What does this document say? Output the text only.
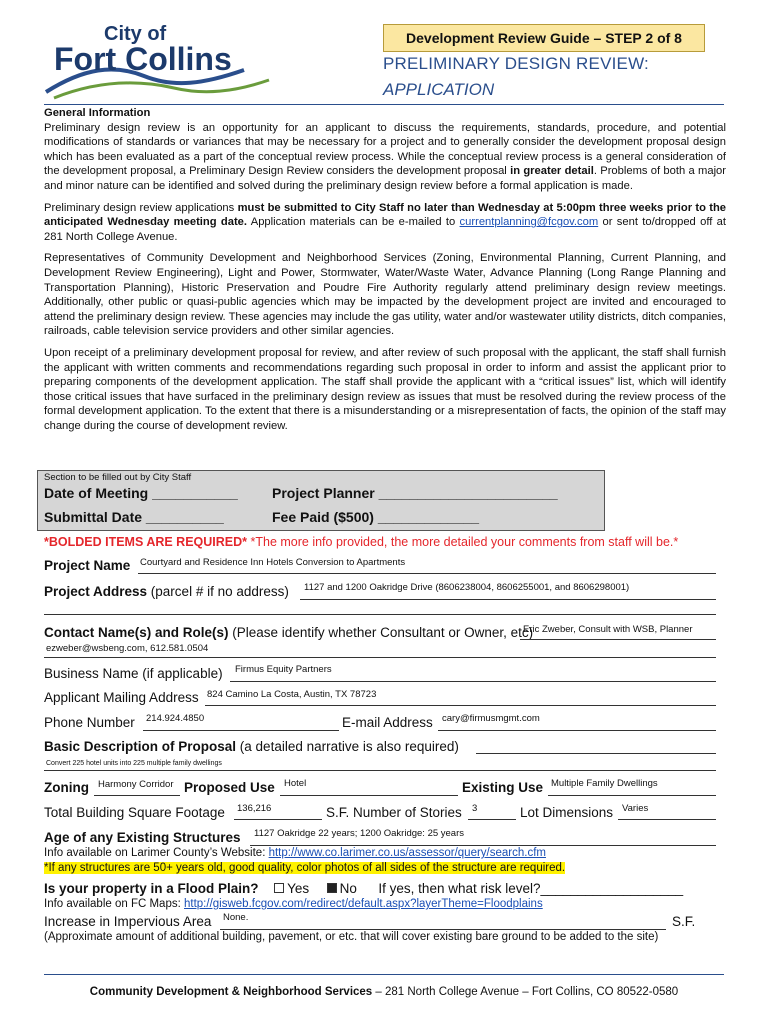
City of
Fort Collins
Development Review Guide – STEP 2 of 8
PRELIMINARY DESIGN REVIEW:
APPLICATION
General Information
Preliminary design review is an opportunity for an applicant to discuss the requirements, standards, procedure, and potential modifications of standards or variances that may be necessary for a project and to generally consider the development proposal design which has been evaluated as a part of the conceptual review process. While the conceptual review process is a general consideration of the development proposal, a Preliminary Design Review considers the development proposal in greater detail. Problems of both a major and minor nature can be identified and solved during the preliminary design review before a formal application is made.
Preliminary design review applications must be submitted to City Staff no later than Wednesday at 5:00pm three weeks prior to the anticipated Wednesday meeting date. Application materials can be e-mailed to currentplanning@fcgov.com or sent to/dropped off at 281 North College Avenue.
Representatives of Community Development and Neighborhood Services (Zoning, Environmental Planning, Current Planning, and Development Review Engineering), Light and Power, Stormwater, Water/Waste Water, Advance Planning (Long Range Planning and Transportation Planning), Historic Preservation and Poudre Fire Authority regularly attend preliminary design review meetings. Additionally, other public or quasi-public agencies which may be impacted by the development project are invited and encouraged to attend the preliminary design review. These agencies may include the gas utility, water and/or wastewater utility districts, ditch companies, railroads, cable television service providers and other similar agencies.
Upon receipt of a preliminary development proposal for review, and after review of such proposal with the applicant, the staff shall furnish the applicant with written comments and recommendations regarding such proposal in order to inform and assist the applicant prior to preparing components of the development application. The staff shall provide the applicant with a “critical issues” list, which will identify those critical issues that have surfaced in the preliminary design review as issues that must be resolved during the review process of the formal development application. To the extent that there is a misunderstanding or a misrepresentation of facts, the opinion of the staff may change during the course of development review.
Section to be filled out by City Staff
Date of Meeting ___________ Project Planner _______________________
Submittal Date __________	Fee Paid ($500) _____________
*BOLDED ITEMS ARE REQUIRED* *The more info provided, the more detailed your comments from staff will be.*
Project Name Courtyard and Residence Inn Hotels Conversion to Apartments
Project Address (parcel # if no address) 1127 and 1200 Oakridge Drive (8606238004, 8606255001, and 8606298001)
Contact Name(s) and Role(s) (Please identify whether Consultant or Owner, etc)
Eric Zweber, Consult with WSB, Planner
ezweber@wsbeng.com, 612.581.0504
Business Name (if applicable) Firmus Equity Partners
Applicant Mailing Address 824 Camino La Costa, Austin, TX 78723
Phone Number 214.924.4850	E-mail Address cary@firmusmgmt.com
Basic Description of Proposal (a detailed narrative is also required)
Convert 225 hotel units into 225 multiple family dwellings
Zoning Harmony Corridor Proposed Use Hotel	Existing Use Multiple Family Dwellings
Total Building Square Footage 136,216	S.F. Number of Stories 3	Lot Dimensions Varies
Age of any Existing Structures 1127 Oakridge 22 years; 1200 Oakridge: 25 years
Info available on Larimer County’s Website: http://www.co.larimer.co.us/assessor/query/search.cfm
*If any structures are 50+ years old, good quality, color photos of all sides of the structure are required.
Is your property in a Flood Plain? Yes No If yes, then what risk level?___________________
Info available on FC Maps: http://gisweb.fcgov.com/redirect/default.aspx?layerTheme=Floodplains
Increase in Impervious Area None.	S.F.
(Approximate amount of additional building, pavement, or etc. that will cover existing bare ground to be added to the site)
Community Development & Neighborhood Services – 281 North College Avenue – Fort Collins, CO 80522-0580
